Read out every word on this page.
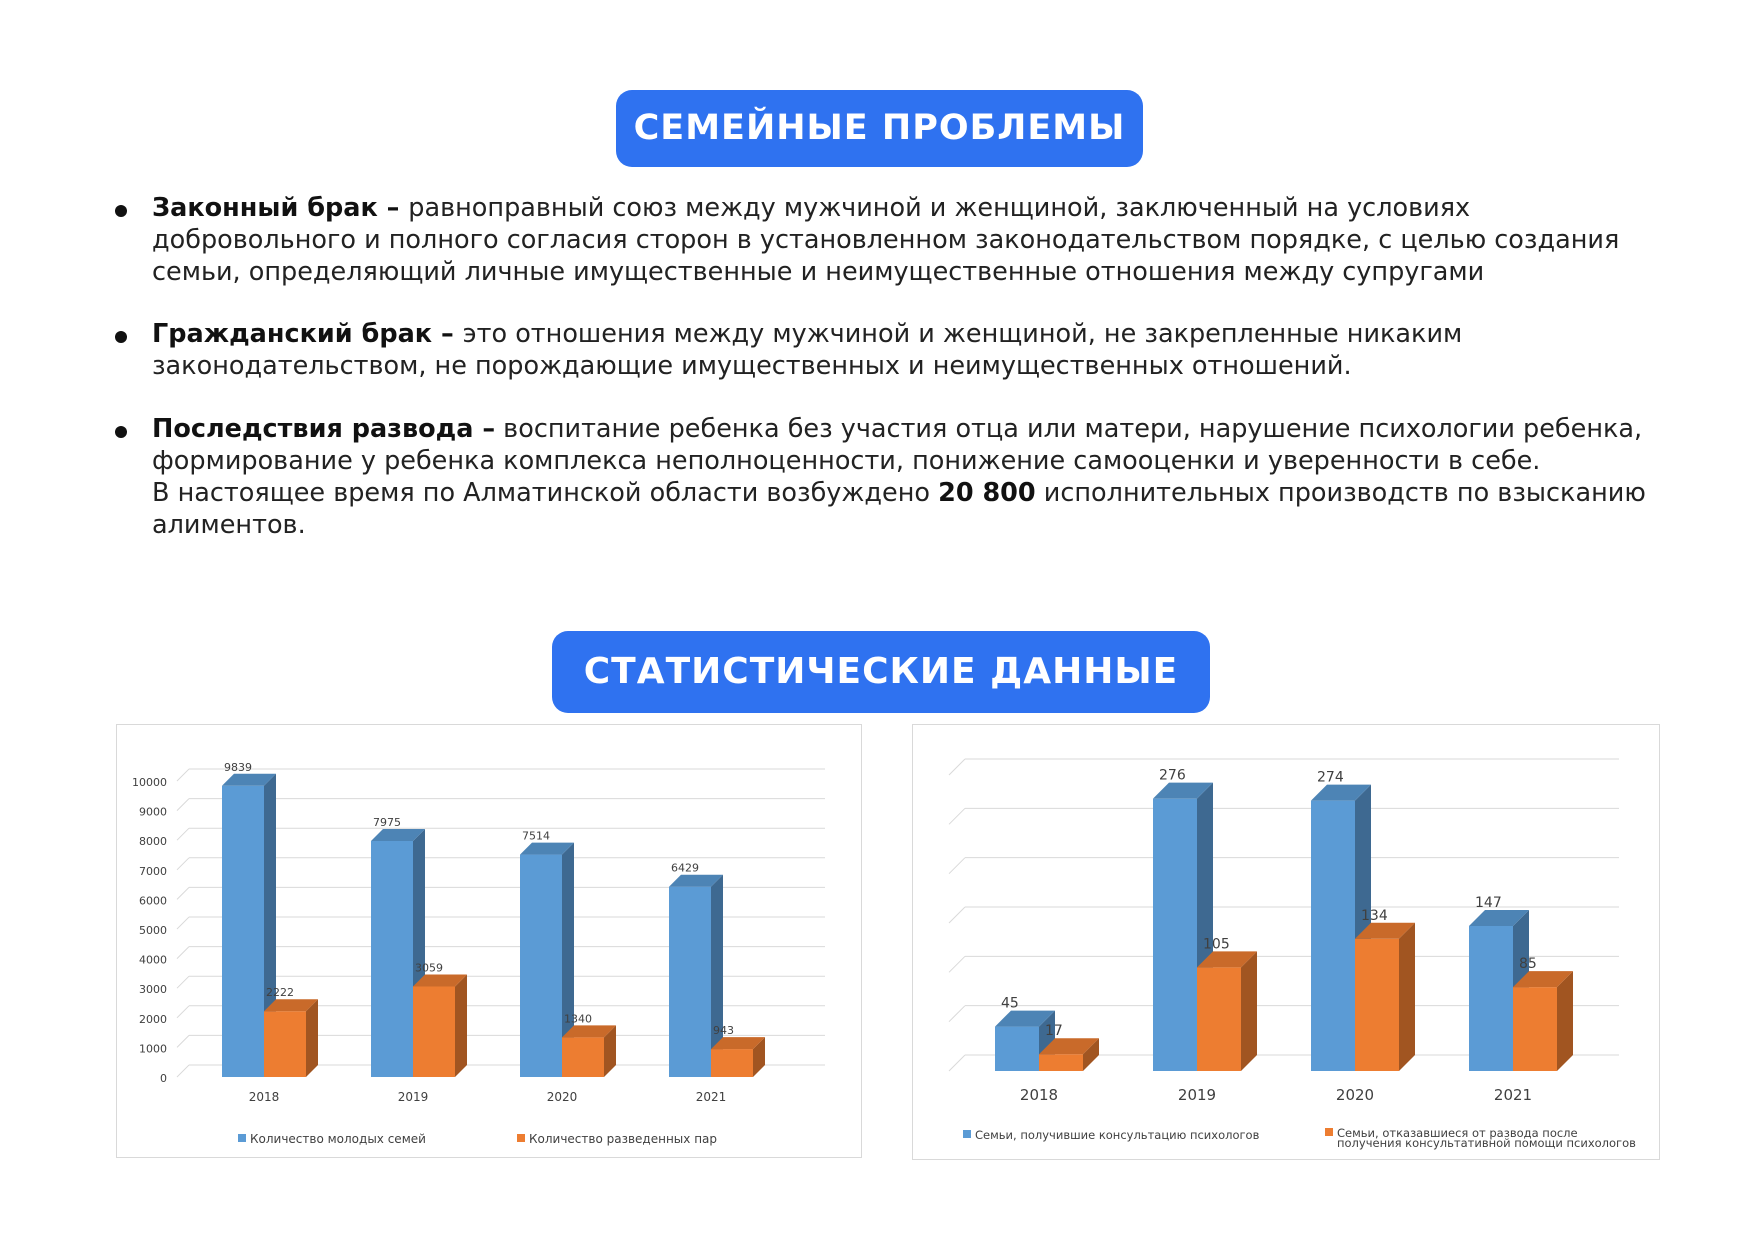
СЕМЕЙНЫЕ ПРОБЛЕМЫ
Законный брак – равноправный союз между мужчиной и женщиной, заключенный на условиях добровольного и полного согласия сторон в установленном законодательством порядке, с целью создания семьи, определяющий личные имущественные и неимущественные отношения между супругами
Гражданский брак – это отношения между мужчиной и женщиной, не закрепленные никаким законодательством, не порождающие имущественных и неимущественных отношений.
Последствия развода – воспитание ребенка без участия отца или матери, нарушение психологии ребенка, формирование у ребенка комплекса неполноценности, понижение самооценки и уверенности в себе.
В настоящее время по Алматинской области возбуждено 20 800 исполнительных производств по взысканию алиментов.
СТАТИСТИЧЕСКИЕ ДАННЫЕ
0
1000
2000
3000
4000
5000
6000
7000
8000
9000
10000
9839
2222
2018
7975
3059
2019
7514
1340
2020
6429
943
2021
Количество молодых семей	Количество разведенных пар
45
17
2018
276
105
2019
274
134
2020
147
85
2021
Семьи, получившие консультацию психологов	Семьи, отказавшиеся от развода после получения консультативной помощи психологов
